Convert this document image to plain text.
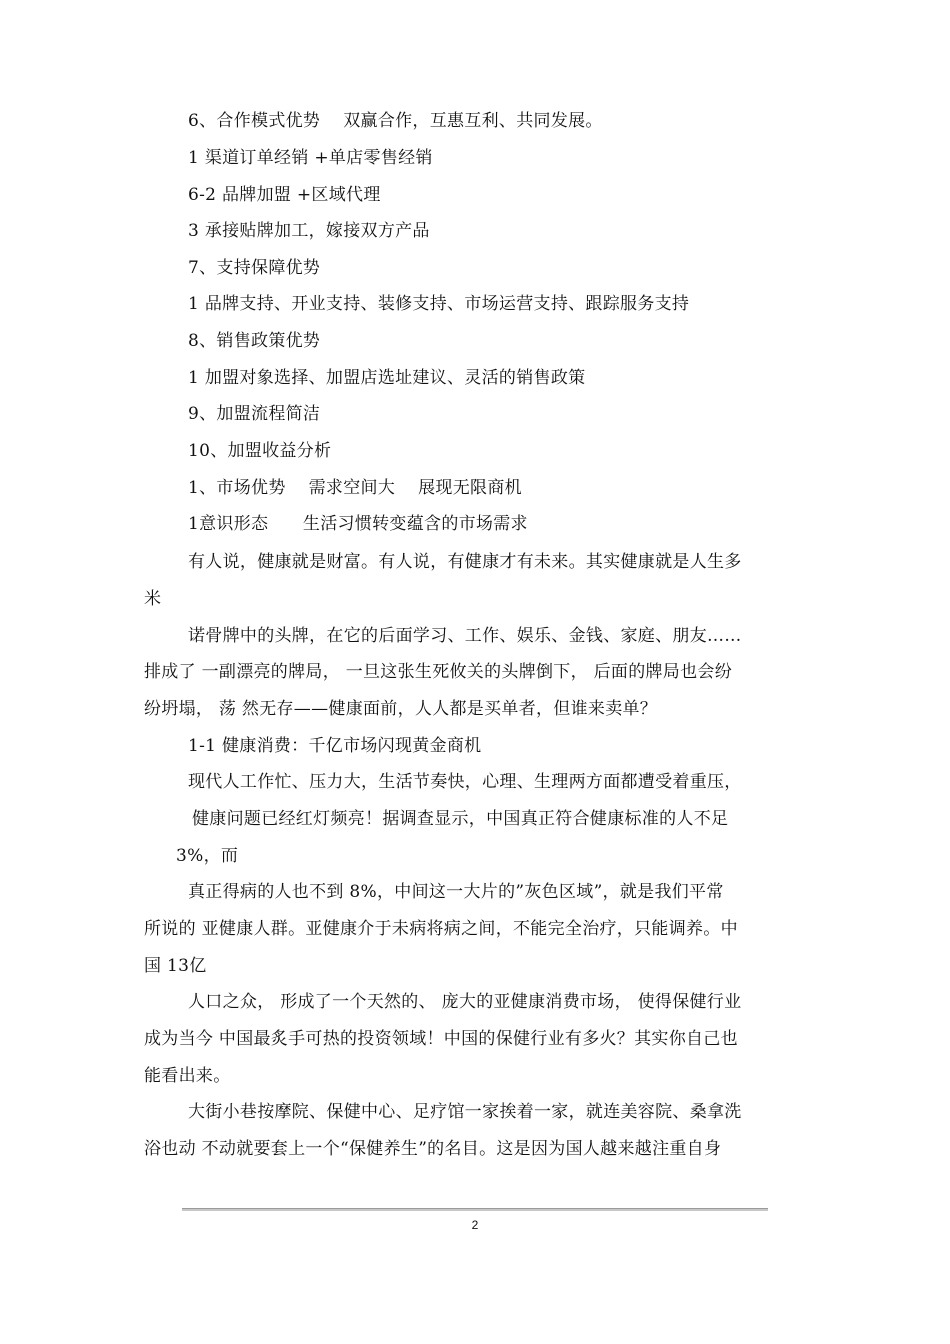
6、合作模式优势　 双赢合作，互惠互利、共同发展。
1 渠道订单经销 +单店零售经销
6-2 品牌加盟 +区域代理
3 承接贴牌加工，嫁接双方产品
7、支持保障优势
1 品牌支持、开业支持、装修支持、市场运营支持、跟踪服务支持
8、销售政策优势
1 加盟对象选择、加盟店选址建议、灵活的销售政策
9、加盟流程简洁
10、加盟收益分析
1、市场优势　 需求空间大　 展现无限商机
1意识形态　　生活习惯转变蕴含的市场需求
有人说，健康就是财富。有人说，有健康才有未来。其实健康就是人生多
米
诺骨牌中的头牌，在它的后面学习、工作、娱乐、金钱、家庭、朋友……
排成了 一副漂亮的牌局， 一旦这张生死攸关的头牌倒下， 后面的牌局也会纷
纷坍塌， 荡 然无存——健康面前，人人都是买单者，但谁来卖单？
1-1 健康消费：千亿市场闪现黄金商机
现代人工作忙、压力大，生活节奏快，心理、生理两方面都遭受着重压，
健康问题已经红灯频亮！据调查显示，中国真正符合健康标准的人不足
3%，而
真正得病的人也不到 8%，中间这一大片的”灰色区域”，就是我们平常
所说的 亚健康人群。亚健康介于未病将病之间，不能完全治疗，只能调养。中
国 13亿
人口之众， 形成了一个天然的、 庞大的亚健康消费市场， 使得保健行业
成为当今 中国最炙手可热的投资领域！中国的保健行业有多火？其实你自己也
能看出来。
大街小巷按摩院、保健中心、足疗馆一家挨着一家，就连美容院、桑拿洗
浴也动 不动就要套上一个“保健养生”的名目。这是因为国人越来越注重自身
2
